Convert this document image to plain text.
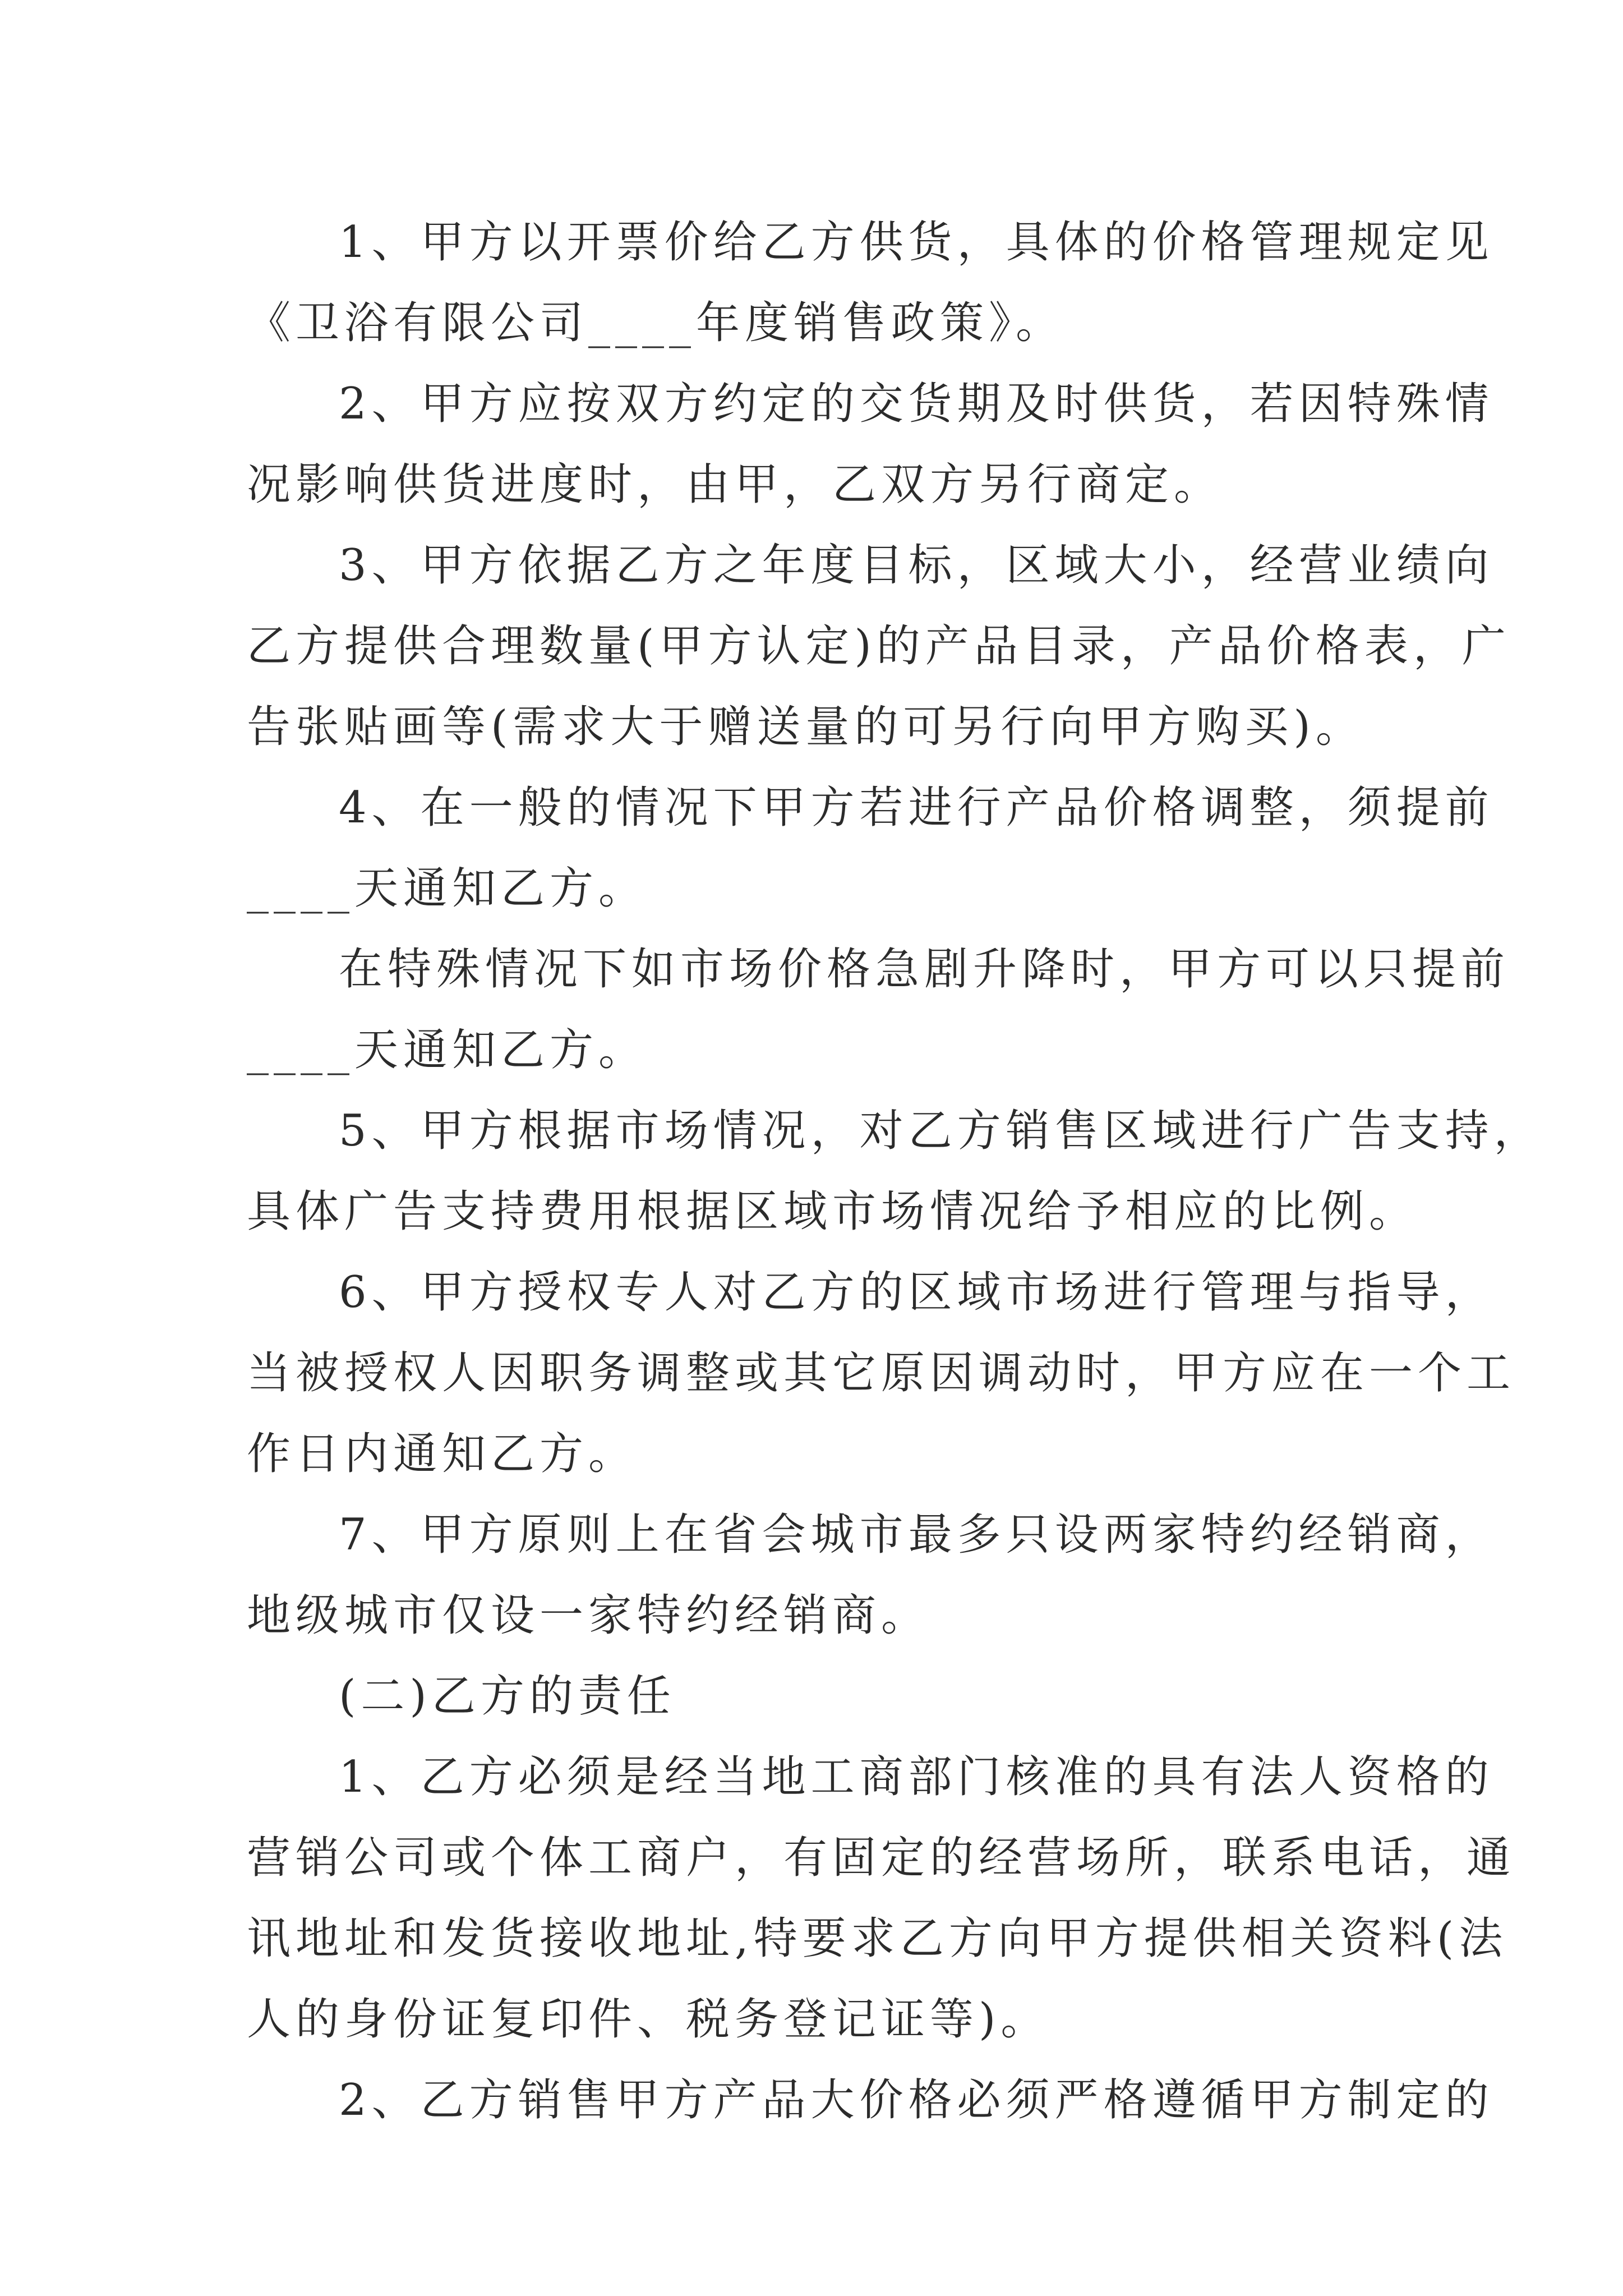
1、甲方以开票价给乙方供货，具体的价格管理规定见
《卫浴有限公司____年度销售政策》。
2、甲方应按双方约定的交货期及时供货，若因特殊情
况影响供货进度时，由甲，乙双方另行商定。
3、甲方依据乙方之年度目标，区域大小，经营业绩向
乙方提供合理数量(甲方认定)的产品目录，产品价格表，广
告张贴画等(需求大于赠送量的可另行向甲方购买)。
4、在一般的情况下甲方若进行产品价格调整，须提前
____天通知乙方。
在特殊情况下如市场价格急剧升降时，甲方可以只提前
____天通知乙方。
5、甲方根据市场情况，对乙方销售区域进行广告支持，
具体广告支持费用根据区域市场情况给予相应的比例。
6、甲方授权专人对乙方的区域市场进行管理与指导，
当被授权人因职务调整或其它原因调动时，甲方应在一个工
作日内通知乙方。
7、甲方原则上在省会城市最多只设两家特约经销商，
地级城市仅设一家特约经销商。
(二)乙方的责任
1、乙方必须是经当地工商部门核准的具有法人资格的
营销公司或个体工商户，有固定的经营场所，联系电话，通
讯地址和发货接收地址,特要求乙方向甲方提供相关资料(法
人的身份证复印件、税务登记证等)。
2、乙方销售甲方产品大价格必须严格遵循甲方制定的
